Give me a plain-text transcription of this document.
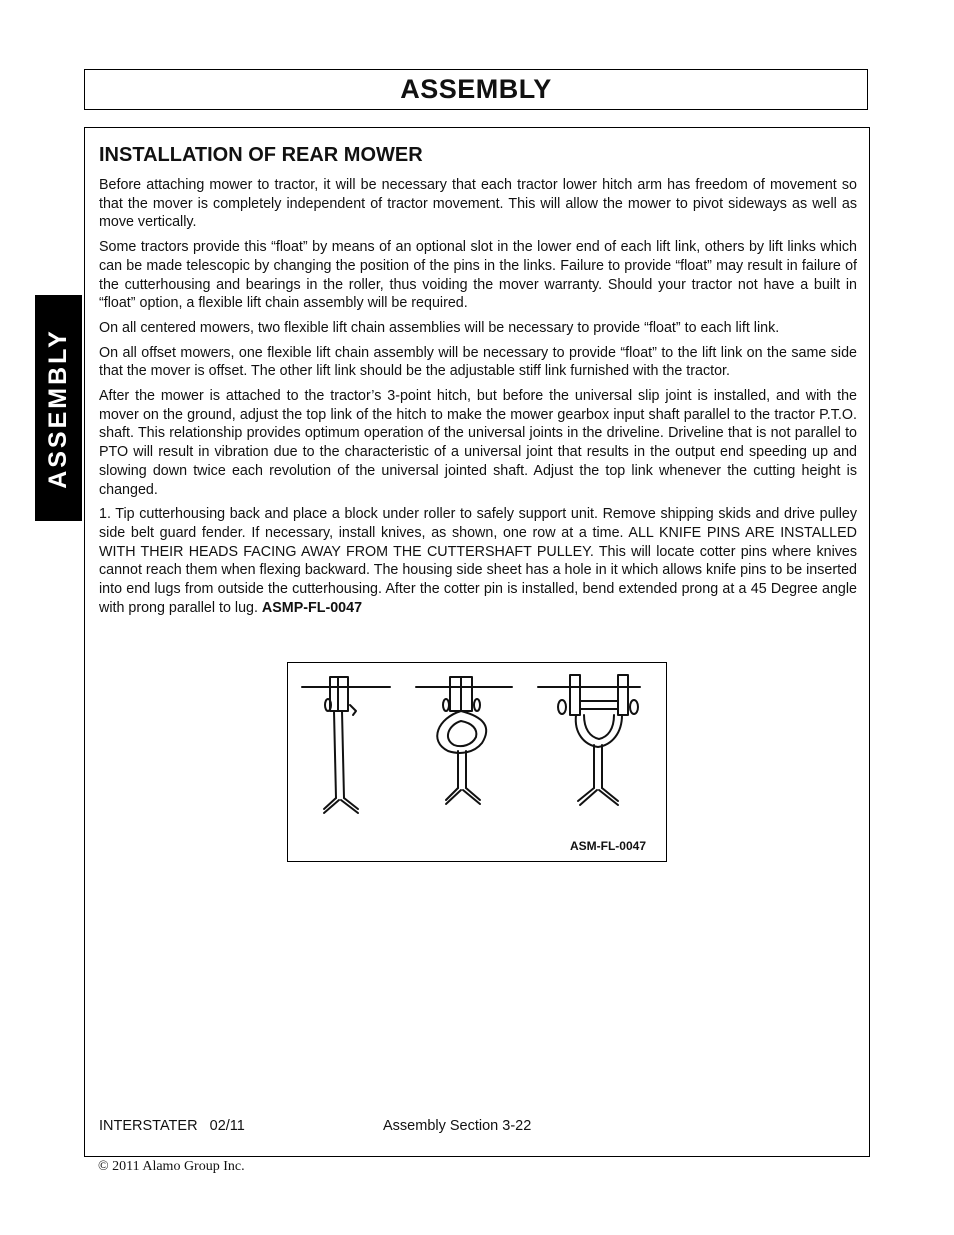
ASSEMBLY
ASSEMBLY
INSTALLATION OF REAR MOWER

Before attaching mower to tractor, it will be necessary that each tractor lower hitch arm has freedom of movement so that the mover is completely independent of tractor movement. This will allow the mower to pivot sideways as well as move vertically.

Some tractors provide this “float” by means of an optional slot in the lower end of each lift link, others by lift links which can be made telescopic by changing the position of the pins in the links. Failure to provide “float” may result in failure of the cutterhousing and bearings in the roller, thus voiding the mover warranty. Should your tractor not have a built in “float” option, a flexible lift chain assembly will be required.

On all centered mowers, two flexible lift chain assemblies will be necessary to provide “float” to each lift link.

On all offset mowers, one flexible lift chain assembly will be necessary to provide “float” to the lift link on the same side that the mover is offset. The other lift link should be the adjustable stiff link furnished with the tractor.

After the mower is attached to the tractor’s 3-point hitch, but before the universal slip joint is installed, and with the mover on the ground, adjust the top link of the hitch to make the mower gearbox input shaft parallel to the tractor P.T.O. shaft. This relationship provides optimum operation of the universal joints in the driveline. Driveline that is not parallel to PTO will result in vibration due to the characteristic of a universal joint that results in the output end speeding up and slowing down twice each revolution of the universal jointed shaft. Adjust the top link whenever the cutting height is changed.

1. Tip cutterhousing back and place a block under roller to safely support unit. Remove shipping skids and drive pulley side belt guard fender. If necessary, install knives, as shown, one row at a time. ALL KNIFE PINS ARE INSTALLED WITH THEIR HEADS FACING AWAY FROM THE CUTTERSHAFT PULLEY. This will locate cotter pins where knives cannot reach them when flexing backward. The housing side sheet has a hole in it which allows knife pins to be inserted into end lugs from outside the cutterhousing. After the cotter pin is installed, bend extended prong at a 45 Degree angle with prong parallel to lug. ASMP-FL-0047

ASM-FL-0047
INTERSTATER   02/11	Assembly Section 3-22
© 2011 Alamo Group Inc.
